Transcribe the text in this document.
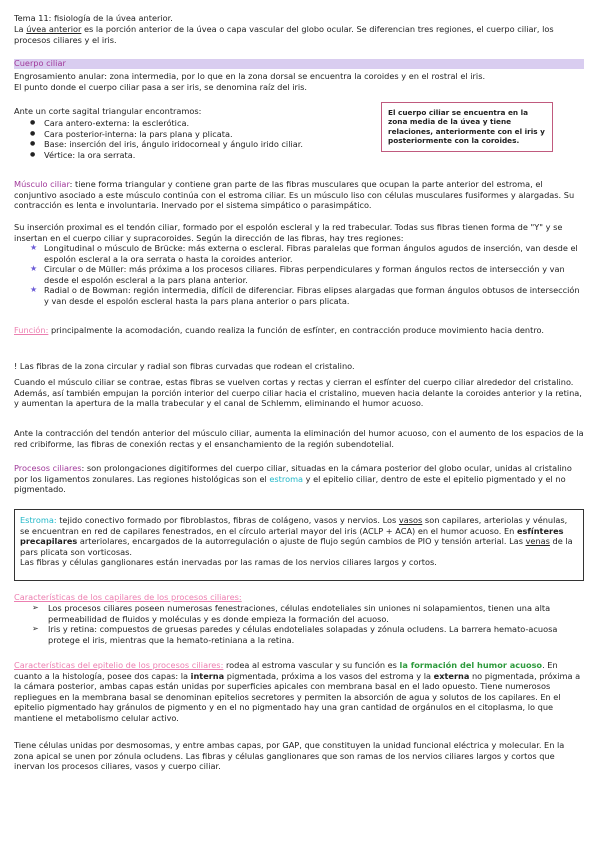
Tema 11: fisiología de la úvea anterior.

La úvea anterior es la porción anterior de la úvea o capa vascular del globo ocular. Se diferencian tres regiones, el cuerpo ciliar, los procesos ciliares y el iris.

Cuerpo ciliar

Engrosamiento anular: zona intermedia, por lo que en la zona dorsal se encuentra la coroides y en el rostral el iris.

El punto donde el cuerpo ciliar pasa a ser iris, se denomina raíz del iris.

Ante un corte sagital triangular encontramos:

● Cara antero-externa: la esclerótica.
● Cara posterior-interna: la pars plana y plicata.
● Base: inserción del iris, ángulo iridocorneal y ángulo irido ciliar.
● Vértice: la ora serrata.

El cuerpo ciliar se encuentra en la zona media de la úvea y tiene relaciones, anteriormente con el iris y posteriormente con la coroides.

Músculo ciliar: tiene forma triangular y contiene gran parte de las fibras musculares que ocupan la parte anterior del estroma, el conjuntivo asociado a este músculo continúa con el estroma ciliar. Es un músculo liso con células musculares fusiformes y alargadas. Su contracción es lenta e involuntaria. Inervado por el sistema simpático o parasimpático.

Su inserción proximal es el tendón ciliar, formado por el espolón escleral y la red trabecular. Todas sus fibras tienen forma de "Y" y se insertan en el cuerpo ciliar y supracoroides. Según la dirección de las fibras, hay tres regiones:

★ Longitudinal o músculo de Brücke: más externa o escleral. Fibras paralelas que forman ángulos agudos de inserción, van desde el espolón escleral a la ora serrata o hasta la coroides anterior.
★ Circular o de Müller: más próxima a los procesos ciliares. Fibras perpendiculares y forman ángulos rectos de intersección y van desde el espolón escleral a la pars plana anterior.
★ Radial o de Bowman: región intermedia, difícil de diferenciar. Fibras elipses alargadas que forman ángulos obtusos de intersección y van desde el espolón escleral hasta la pars plana anterior o pars plicata.

Función: principalmente la acomodación, cuando realiza la función de esfínter, en contracción produce movimiento hacia dentro.

! Las fibras de la zona circular y radial son fibras curvadas que rodean el cristalino.

Cuando el músculo ciliar se contrae, estas fibras se vuelven cortas y rectas y cierran el esfínter del cuerpo ciliar alrededor del cristalino. Además, así también empujan la porción interior del cuerpo ciliar hacia el cristalino, mueven hacia delante la coroides anterior y la retina, y aumentan la apertura de la malla trabecular y el canal de Schlemm, eliminando el humor acuoso.

Ante la contracción del tendón anterior del músculo ciliar, aumenta la eliminación del humor acuoso, con el aumento de los espacios de la red cribiforme, las fibras de conexión rectas y el ensanchamiento de la región subendotelial.

Procesos ciliares: son prolongaciones digitiformes del cuerpo ciliar, situadas en la cámara posterior del globo ocular, unidas al cristalino por los ligamentos zonulares. Las regiones histológicas son el estroma y el epitelio ciliar, dentro de este el epitelio pigmentado y el no pigmentado.

Estroma: tejido conectivo formado por fibroblastos, fibras de colágeno, vasos y nervios. Los vasos son capilares, arteriolas y vénulas, se encuentran en red de capilares fenestrados, en el círculo arterial mayor del iris (ACLP + ACA) en el humor acuoso. En esfínteres precapilares arteriolares, encargados de la autorregulación o ajuste de flujo según cambios de PIO y tensión arterial. Las venas de la pars plicata son vorticosas.

Las fibras y células ganglionares están inervadas por las ramas de los nervios ciliares largos y cortos.

Características de los capilares de los procesos ciliares:

➢ Los procesos ciliares poseen numerosas fenestraciones, células endoteliales sin uniones ni solapamientos, tienen una alta permeabilidad de fluidos y moléculas y es donde empieza la formación del acuoso.
➢ Iris y retina: compuestos de gruesas paredes y células endoteliales solapadas y zónula ocludens. La barrera hemato-acuosa protege el iris, mientras que la hemato-retiniana a la retina.

Características del epitelio de los procesos ciliares: rodea al estroma vascular y su función es la formación del humor acuoso. En cuanto a la histología, posee dos capas: la interna pigmentada, próxima a los vasos del estroma y la externa no pigmentada, próxima a la cámara posterior, ambas capas están unidas por superficies apicales con membrana basal en el lado opuesto. Tiene numerosos repliegues en la membrana basal se denominan epitelios secretores y permiten la absorción de agua y solutos de los capilares. En el epitelio pigmentado hay gránulos de pigmento y en el no pigmentado hay una gran cantidad de orgánulos en el citoplasma, lo que mantiene el metabolismo celular activo.

Tiene células unidas por desmosomas, y entre ambas capas, por GAP, que constituyen la unidad funcional eléctrica y molecular. En la zona apical se unen por zónula ocludens. Las fibras y células ganglionares que son ramas de los nervios ciliares largos y cortos que inervan los procesos ciliares, vasos y cuerpo ciliar.
